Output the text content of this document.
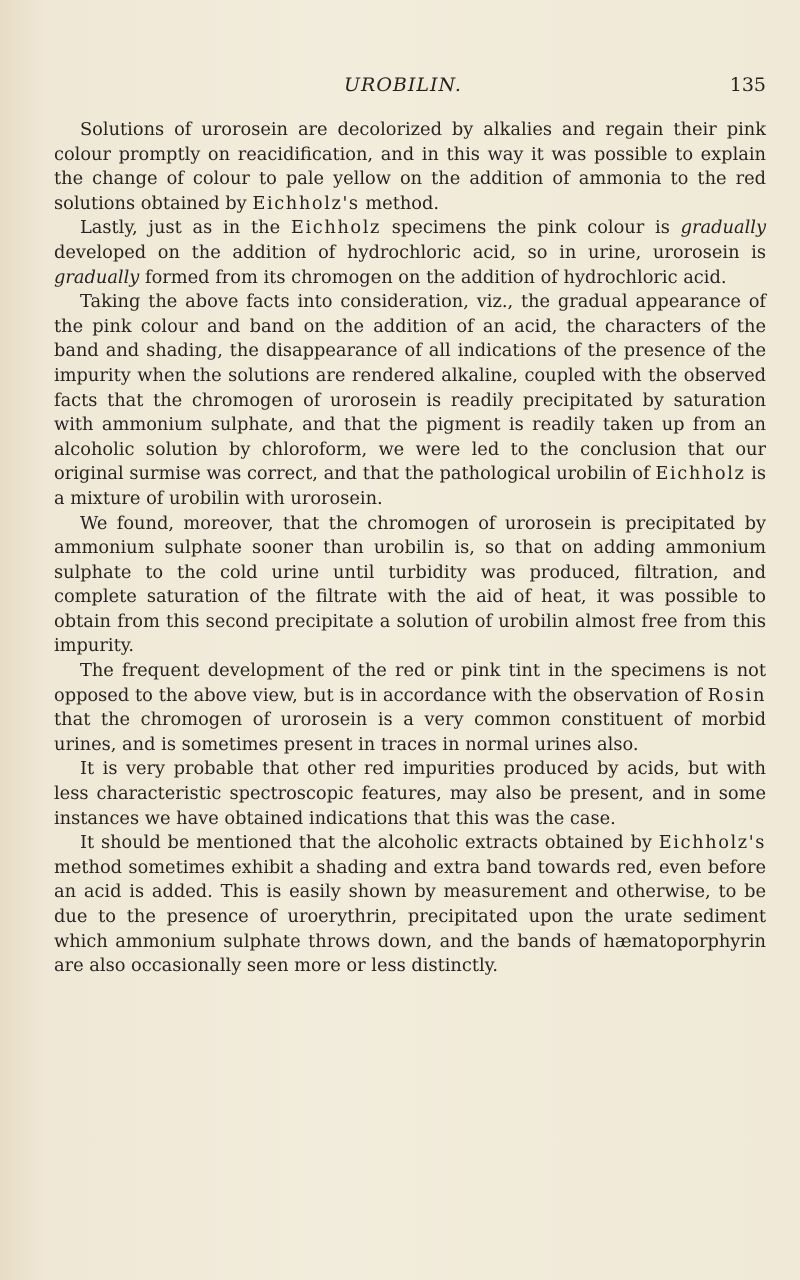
UROBILIN.	135

Solutions of urorosein are decolorized by alkalies and regain their pink colour promptly on reacidification, and in this way it was possible to explain the change of colour to pale yellow on the addition of ammonia to the red solutions obtained by Eichholz's method.

Lastly, just as in the Eichholz specimens the pink colour is gradually developed on the addition of hydrochloric acid, so in urine, urorosein is gradually formed from its chromogen on the addition of hydrochloric acid.

Taking the above facts into consideration, viz., the gradual appearance of the pink colour and band on the addition of an acid, the characters of the band and shading, the disappearance of all indications of the presence of the impurity when the solutions are rendered alkaline, coupled with the observed facts that the chromogen of urorosein is readily precipitated by saturation with ammonium sulphate, and that the pigment is readily taken up from an alcoholic solution by chloroform, we were led to the conclusion that our original surmise was correct, and that the pathological urobilin of Eichholz is a mixture of urobilin with urorosein.

We found, moreover, that the chromogen of urorosein is precipitated by ammonium sulphate sooner than urobilin is, so that on adding ammonium sulphate to the cold urine until turbidity was produced, filtration, and complete saturation of the filtrate with the aid of heat, it was possible to obtain from this second precipitate a solution of urobilin almost free from this impurity.

The frequent development of the red or pink tint in the specimens is not opposed to the above view, but is in accordance with the observation of Rosin that the chromogen of urorosein is a very common constituent of morbid urines, and is sometimes present in traces in normal urines also.

It is very probable that other red impurities produced by acids, but with less characteristic spectroscopic features, may also be present, and in some instances we have obtained indications that this was the case.

It should be mentioned that the alcoholic extracts obtained by Eichholz's method sometimes exhibit a shading and extra band towards red, even before an acid is added. This is easily shown by measurement and otherwise, to be due to the presence of uroerythrin, precipitated upon the urate sediment which ammonium sulphate throws down, and the bands of hæmatoporphyrin are also occasionally seen more or less distinctly.
